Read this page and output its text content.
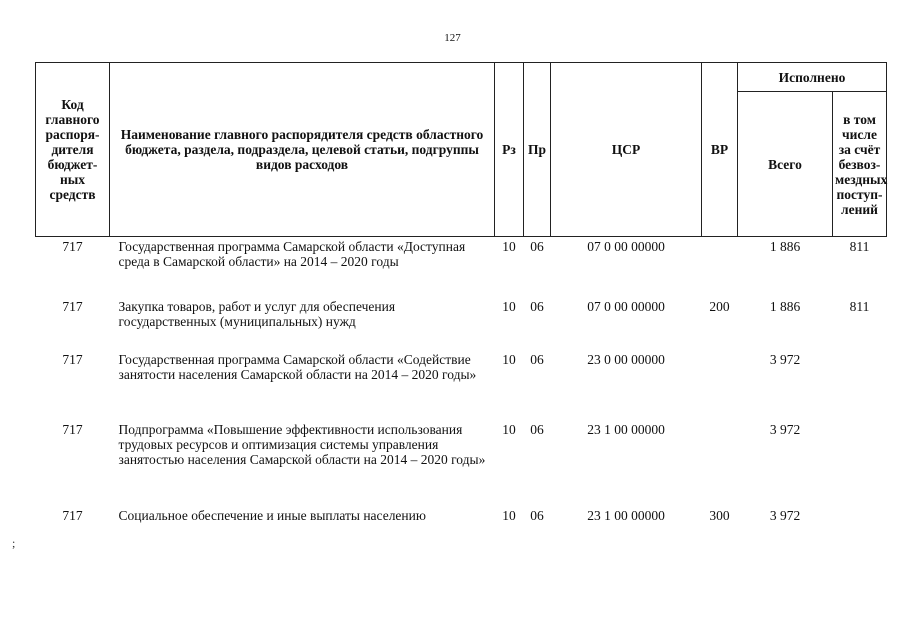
127
Код главного распоря-дителя бюджет-ных средств	Наименование главного распорядителя средств областного бюджета, раздела, подраздела, целевой статьи, подгруппы видов расходов	Рз	Пр	ЦСР	ВР	Исполнено	
						Всего	в том числе за счёт безвоз-мездных поступ-лений
717	Государственная программа Самарской области «Доступная среда в Самарской области» на 2014 – 2020 годы	10	06	07 0 00 00000		1 886	811
717	Закупка товаров, работ и услуг для обеспечения государственных (муниципальных) нужд	10	06	07 0 00 00000	200	1 886	811
717	Государственная программа Самарской области «Содействие занятости населения Самарской области на 2014 – 2020 годы»	10	06	23 0 00 00000		3 972	
717	Подпрограмма «Повышение эффективности использования трудовых ресурсов и оптимизация системы управления занятостью населения Самарской области на 2014 – 2020 годы»	10	06	23 1 00 00000		3 972	
717	Социальное обеспечение и иные выплаты населению	10	06	23 1 00 00000	300	3 972	
;
